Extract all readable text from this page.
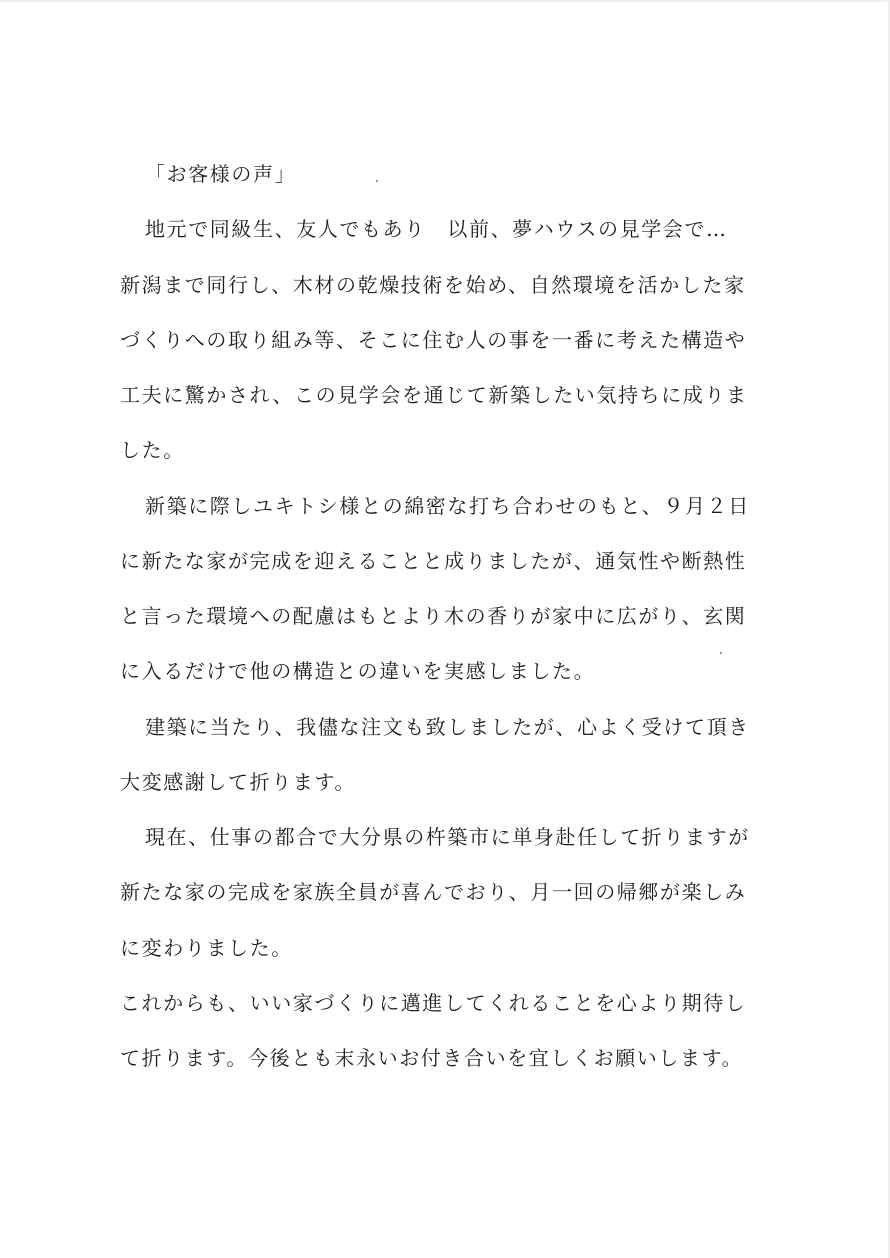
「お客様の声」

地元で同級生、友人でもあり　以前、夢ハウスの見学会で…

新潟まで同行し、木材の乾燥技術を始め、自然環境を活かした家

づくりへの取り組み等、そこに住む人の事を一番に考えた構造や

工夫に驚かされ、この見学会を通じて新築したい気持ちに成りま

した。

新築に際しユキトシ様との綿密な打ち合わせのもと、９月２日

に新たな家が完成を迎えることと成りましたが、通気性や断熱性

と言った環境への配慮はもとより木の香りが家中に広がり、玄関

に入るだけで他の構造との違いを実感しました。

建築に当たり、我儘な注文も致しましたが、心よく受けて頂き

大変感謝して折ります。

現在、仕事の都合で大分県の杵築市に単身赴任して折りますが

新たな家の完成を家族全員が喜んでおり、月一回の帰郷が楽しみ

に変わりました。

これからも、いい家づくりに邁進してくれることを心より期待し

て折ります。今後とも末永いお付き合いを宜しくお願いします。
